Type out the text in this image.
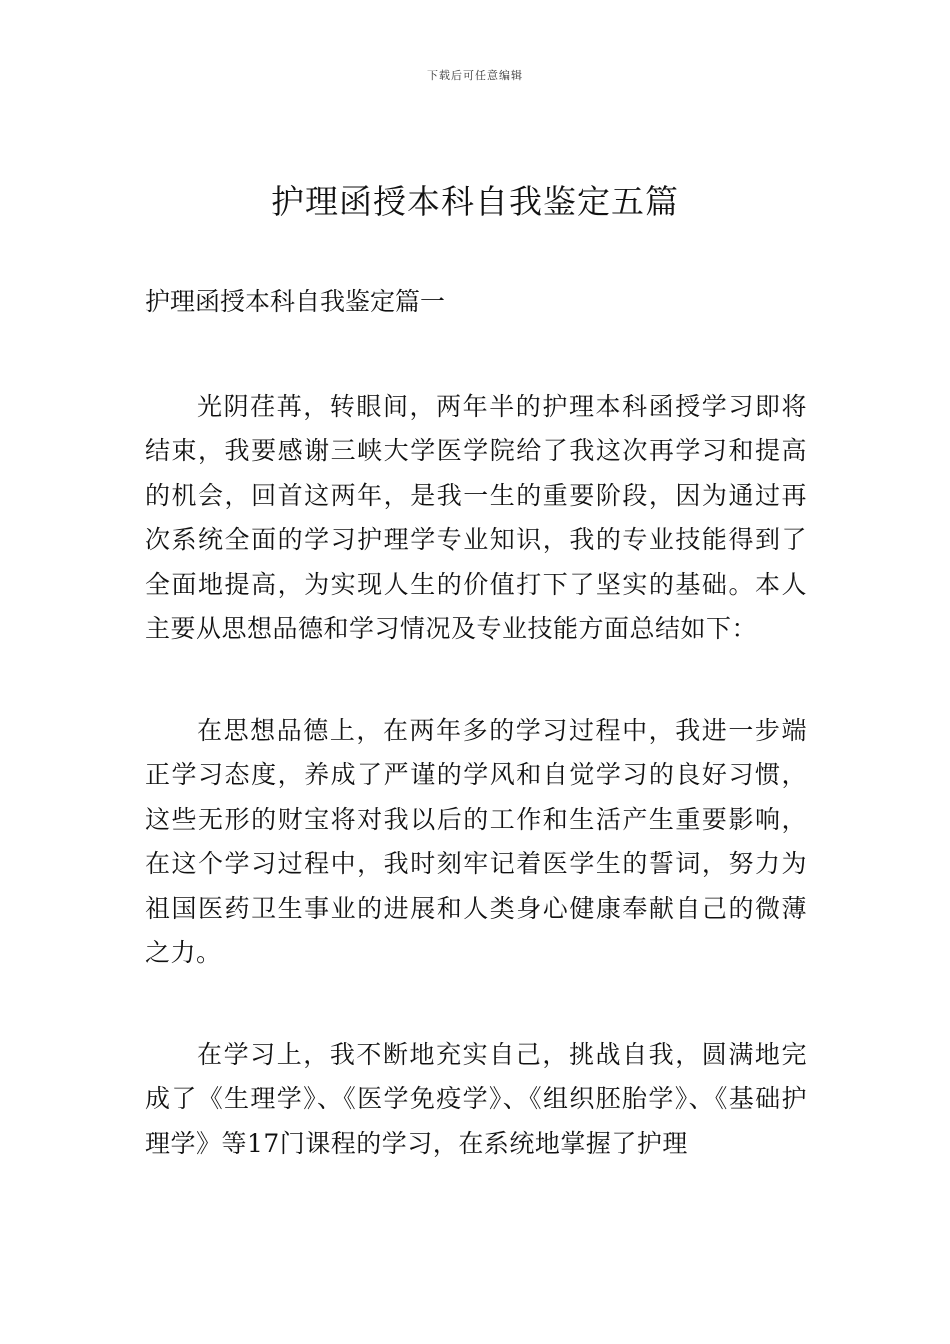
下载后可任意编辑
护理函授本科自我鉴定五篇
护理函授本科自我鉴定篇一

光阴荏苒，转眼间，两年半的护理本科函授学习即将结束，我要感谢三峡大学医学院给了我这次再学习和提高的机会，回首这两年，是我一生的重要阶段，因为通过再次系统全面的学习护理学专业知识，我的专业技能得到了全面地提高，为实现人生的价值打下了坚实的基础。本人主要从思想品德和学习情况及专业技能方面总结如下：

在思想品德上，在两年多的学习过程中，我进一步端正学习态度，养成了严谨的学风和自觉学习的良好习惯，这些无形的财宝将对我以后的工作和生活产生重要影响，在这个学习过程中，我时刻牢记着医学生的誓词，努力为祖国医药卫生事业的进展和人类身心健康奉献自己的微薄之力。

在学习上，我不断地充实自己，挑战自我，圆满地完成了《生理学》、《医学免疫学》、《组织胚胎学》、《基础护理学》等17门课程的学习，在系统地掌握了护理
